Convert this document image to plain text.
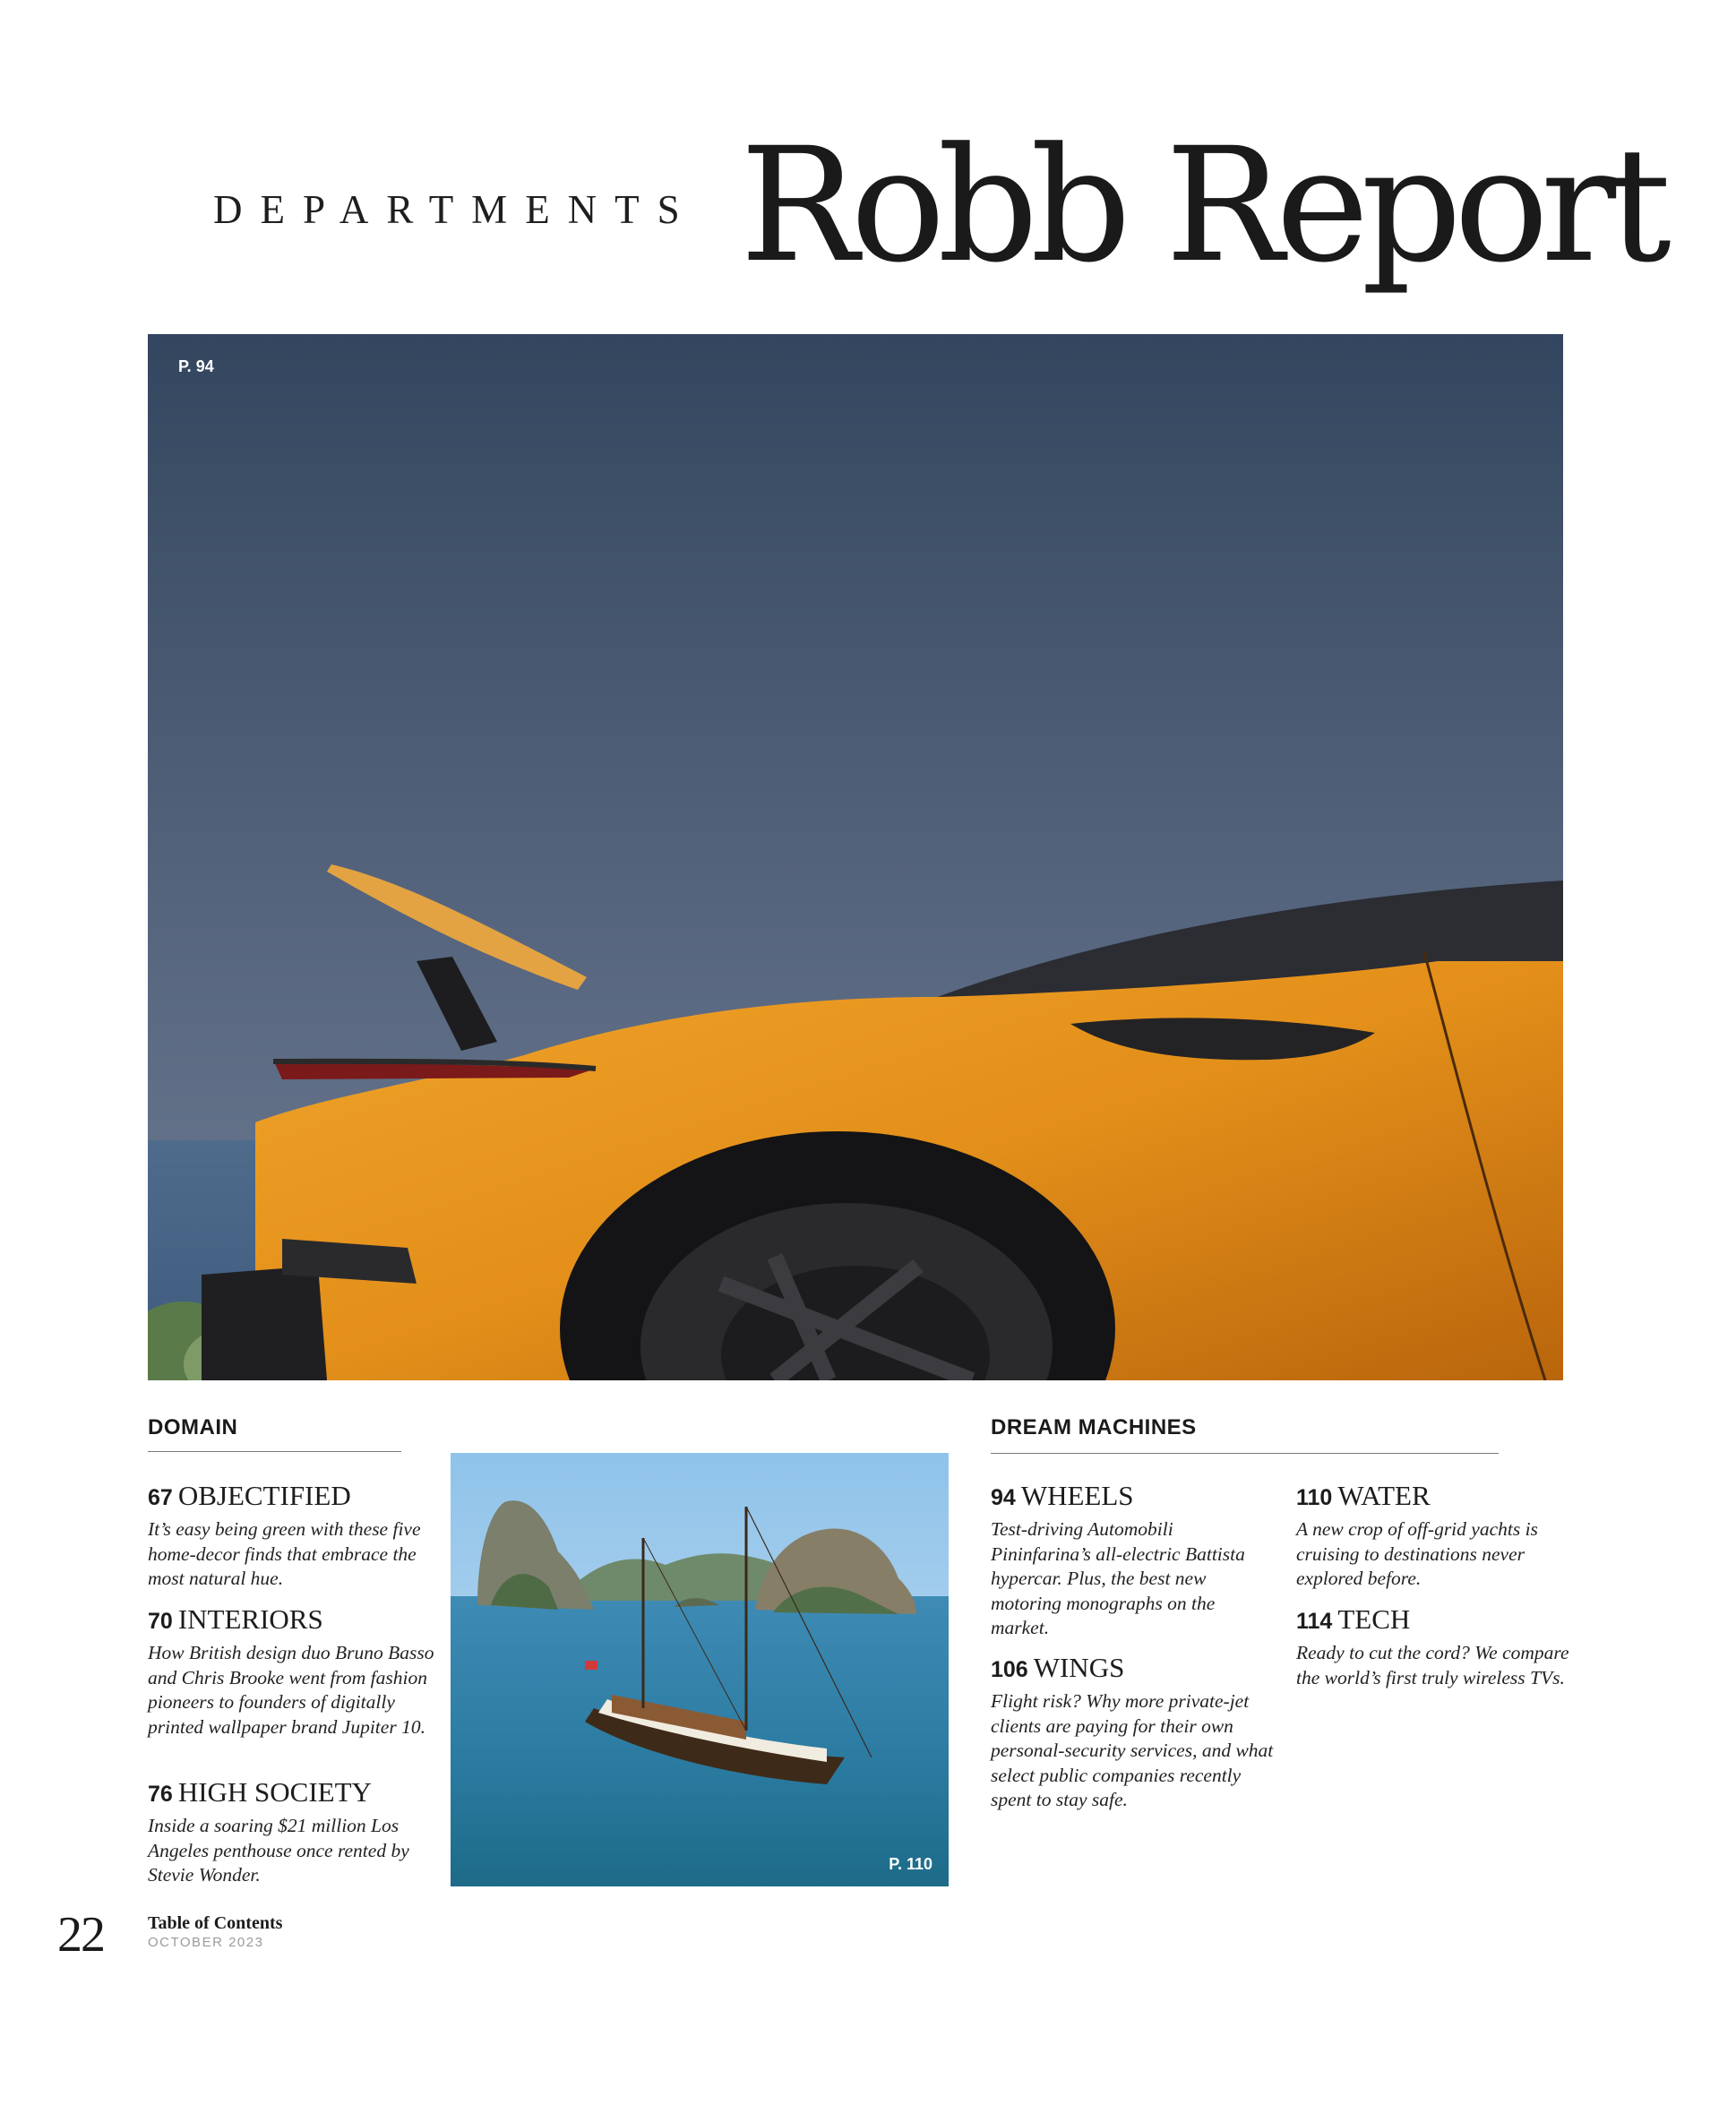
DEPARTMENTS Robb Report
P. 94
DOMAIN
67 OBJECTIFIED
It’s easy being green with these five home-decor finds that embrace the most natural hue.
70 INTERIORS
How British design duo Bruno Basso and Chris Brooke went from fashion pioneers to founders of digitally printed wallpaper brand Jupiter 10.
76 HIGH SOCIETY
Inside a soaring $21 million Los Angeles penthouse once rented by Stevie Wonder.	P. 110
DREAM MACHINES
94 WHEELS
Test-driving Automobili Pininfarina’s all-electric Battista hypercar. Plus, the best new motoring monographs on the market.
106 WINGS
Flight risk? Why more private-jet clients are paying for their own personal-security services, and what select public companies recently spent to stay safe.
110 WATER
A new crop of off-grid yachts is cruising to destinations never explored before.
114 TECH
Ready to cut the cord? We compare the world’s first truly wireless TVs.
22 Table of Contents
OCTOBER 2023
